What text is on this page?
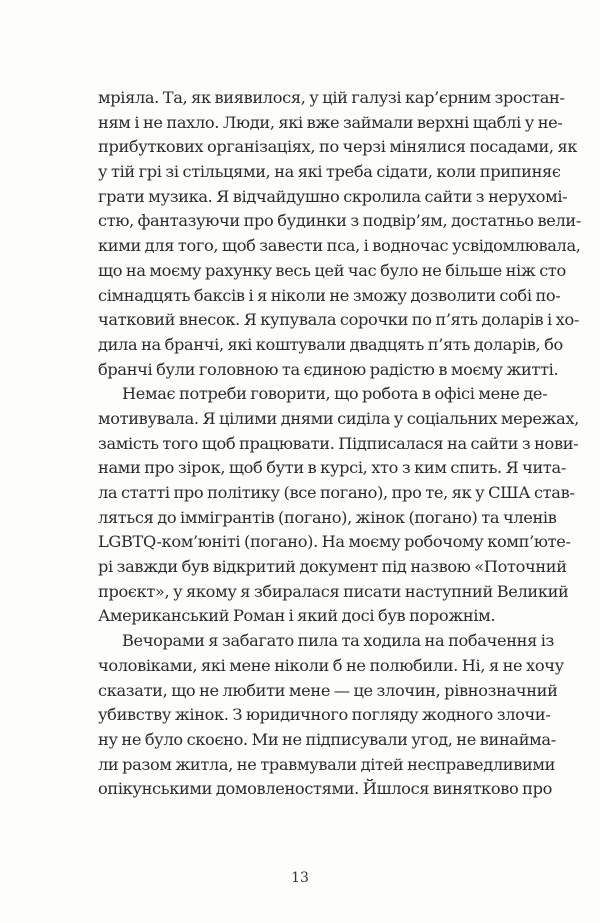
мріяла. Та, як виявилося, у цій галузі кар’єрним зростан-
ням і не пахло. Люди, які вже займали верхні щаблі у не-
прибуткових організаціях, по черзі мінялися посадами, як
у тій грі зі стільцями, на які треба сідати, коли припиняє
грати музика. Я відчайдушно скролила сайти з нерухомі-
стю, фантазуючи про будинки з подвір’ям, достатньо вели-
кими для того, щоб завести пса, і водночас усвідомлювала,
що на моєму рахунку весь цей час було не більше ніж сто
сімнадцять баксів і я ніколи не зможу дозволити собі по-
чатковий внесок. Я купувала сорочки по п’ять доларів і хо-
дила на бранчі, які коштували двадцять п’ять доларів, бо
бранчі були головною та єдиною радістю в моєму житті.
Немає потреби говорити, що робота в офісі мене де-
мотивувала. Я цілими днями сиділа у соціальних мережах,
замість того щоб працювати. Підписалася на сайти з нови-
нами про зірок, щоб бути в курсі, хто з ким спить. Я чита-
ла статті про політику (все погано), про те, як у США став-
ляться до іммігрантів (погано), жінок (погано) та членів
LGBTQ-ком’юніті (погано). На моєму робочому комп’юте-
рі завжди був відкритий документ під назвою «Поточний
проєкт», у якому я збиралася писати наступний Великий
Американський Роман і який досі був порожнім.
Вечорами я забагато пила та ходила на побачення із
чоловіками, які мене ніколи б не полюбили. Ні, я не хочу
сказати, що не любити мене — це злочин, рівнозначний
убивству жінок. З юридичного погляду жодного злочи-
ну не було скоєно. Ми не підписували угод, не винайма-
ли разом житла, не травмували дітей несправедливими
опікунськими домовленостями. Йшлося винятково про
13
